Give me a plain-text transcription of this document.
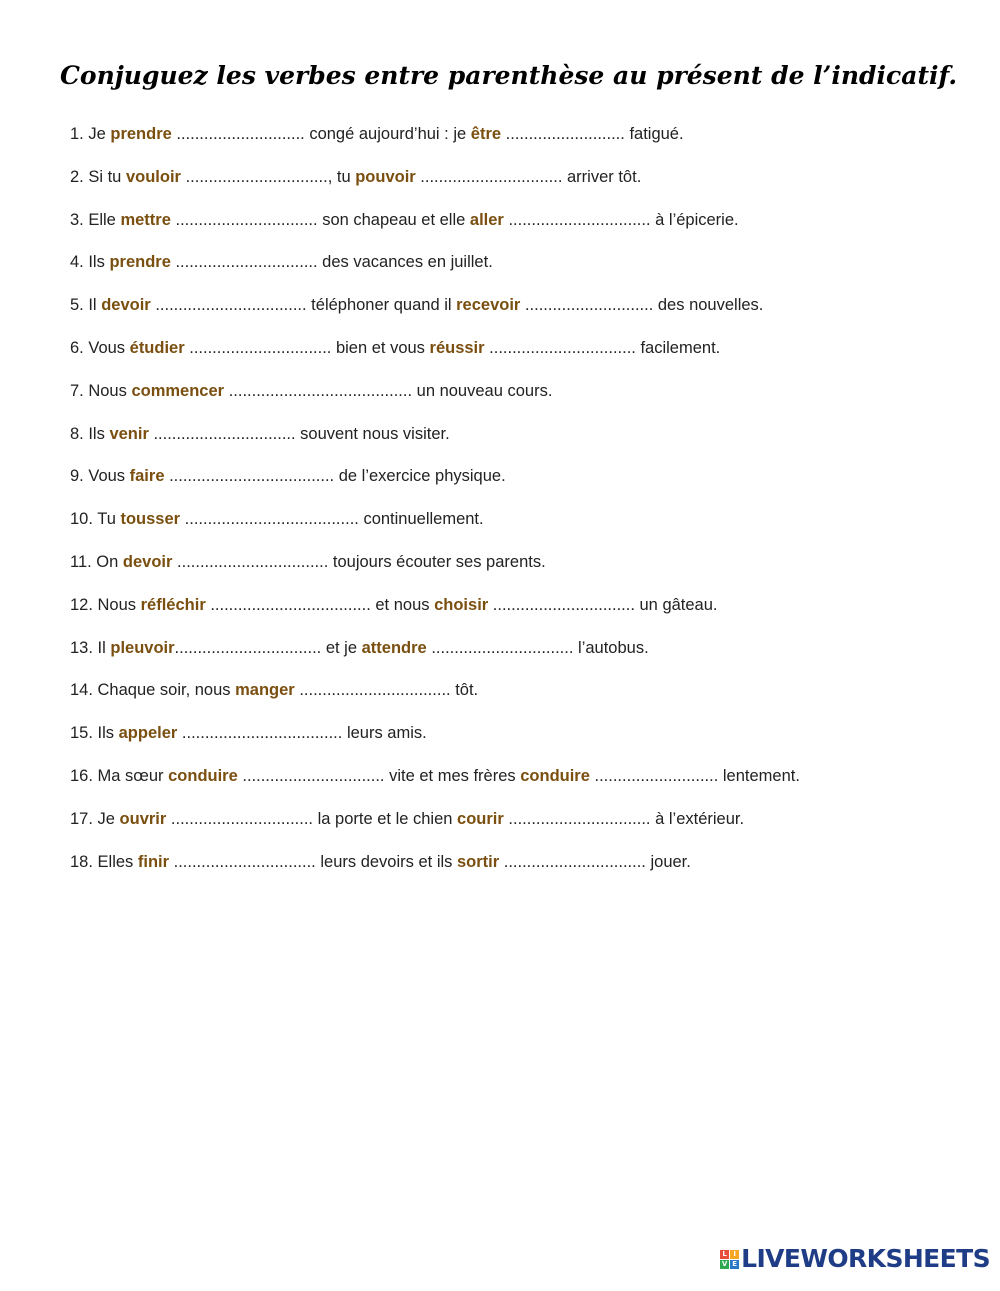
Conjuguez les verbes entre parenthèse au présent de l’indicatif.
1. Je prendre ............................ congé aujourd’hui : je être .......................... fatigué.
2. Si tu vouloir ..............................., tu pouvoir ............................... arriver tôt.
3. Elle mettre ............................... son chapeau et elle aller ............................... à l’épicerie.
4. Ils prendre ............................... des vacances en juillet.
5. Il devoir ................................. téléphoner quand il recevoir ............................ des nouvelles.
6. Vous étudier ............................... bien et vous réussir ................................ facilement.
7. Nous commencer ........................................ un nouveau cours.
8. Ils venir ............................... souvent nous visiter.
9. Vous faire .................................... de l’exercice physique.
10. Tu tousser ...................................... continuellement.
11. On devoir ................................. toujours écouter ses parents.
12. Nous réfléchir ................................... et nous choisir ............................... un gâteau.
13. Il pleuvoir................................ et je attendre ............................... l’autobus.
14. Chaque soir, nous manger ................................. tôt.
15. Ils appeler ................................... leurs amis.
16. Ma sœur conduire ............................... vite et mes frères conduire ........................... lentement.
17. Je ouvrir ............................... la porte et le chien courir ............................... à l’extérieur.
18. Elles finir ............................... leurs devoirs et ils sortir ............................... jouer.
L I
V E LIVEWORKSHEETS
